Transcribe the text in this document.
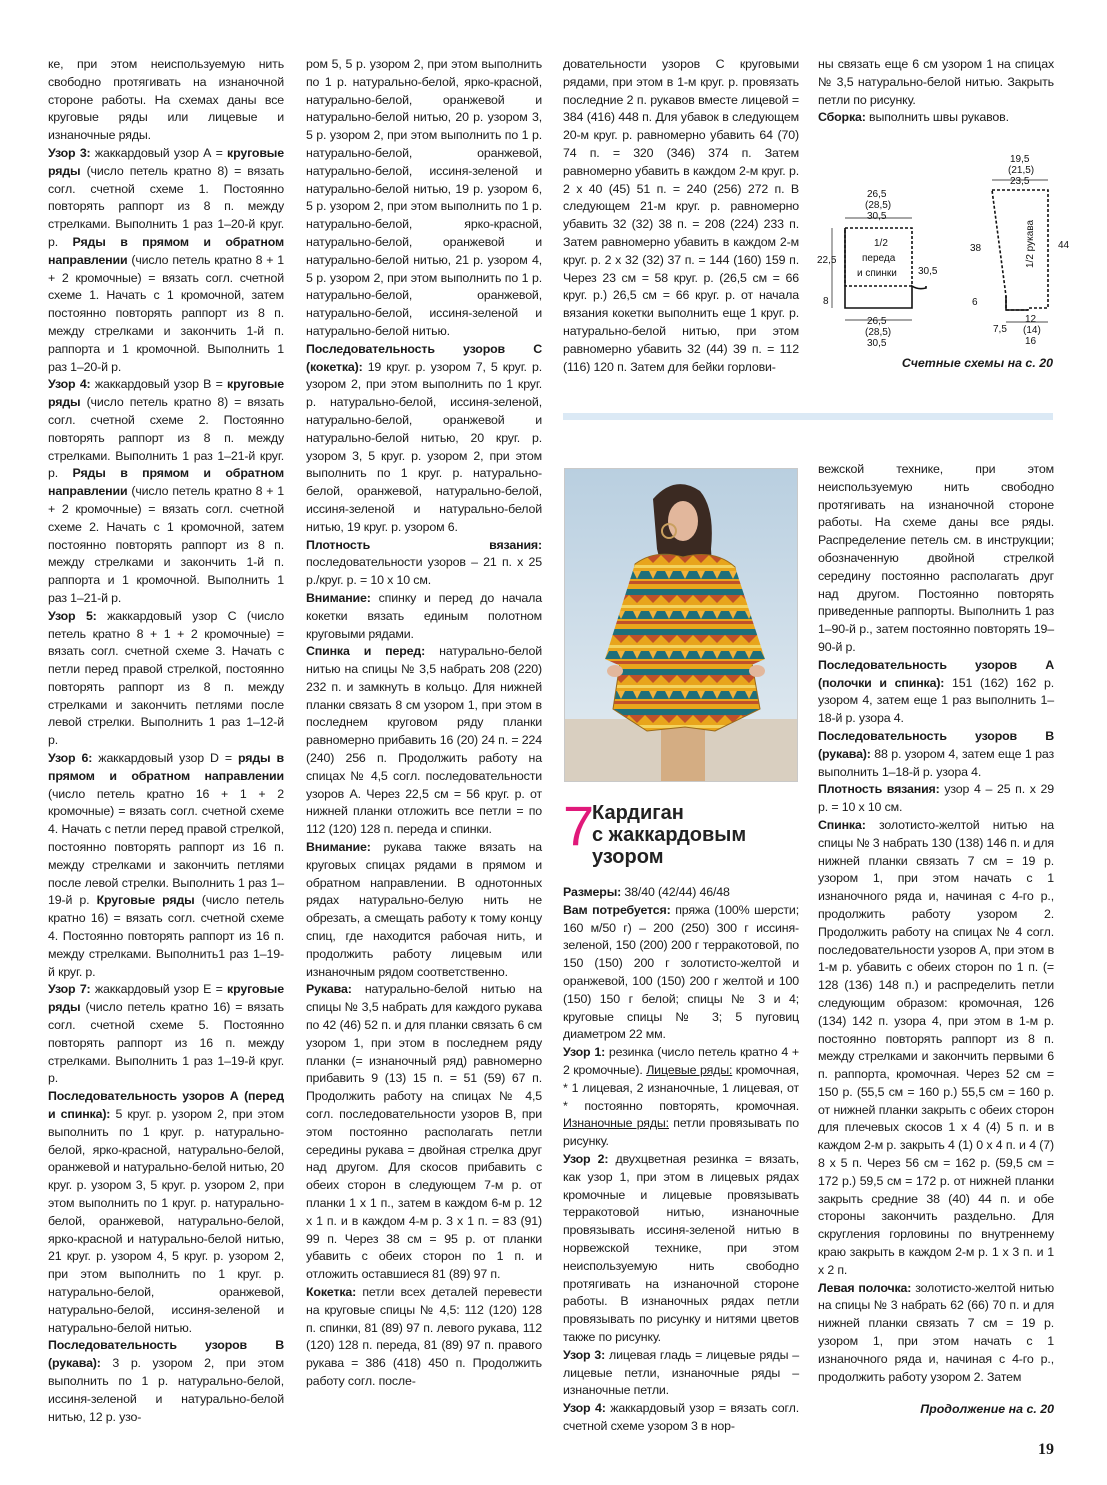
ке, при этом неиспользуемую нить свободно протягивать на изнаночной стороне работы. На схемах даны все круговые ряды или лицевые и изнаночные ряды.

Узор 3: жаккардовый узор А = круговые ряды (число петель кратно 8) = вязать согл. счетной схеме 1. Постоянно повторять раппорт из 8 п. между стрелками. Выполнить 1 раз 1–20-й круг. р. Ряды в прямом и обратном направлении (число петель кратно 8 + 1 + 2 кромочные) = вязать согл. счетной схеме 1. Начать с 1 кромочной, затем постоянно повторять раппорт из 8 п. между стрелками и закончить 1-й п. раппорта и 1 кромочной. Выполнить 1 раз 1–20-й р.

Узор 4: жаккардовый узор В = круговые ряды (число петель кратно 8) = вязать согл. счетной схеме 2. Постоянно повторять раппорт из 8 п. между стрелками. Выполнить 1 раз 1–21-й круг. р. Ряды в прямом и обратном направлении (число петель кратно 8 + 1 + 2 кромочные) = вязать согл. счетной схеме 2. Начать с 1 кромочной, затем постоянно повторять раппорт из 8 п. между стрелками и закончить 1-й п. раппорта и 1 кромочной. Выполнить 1 раз 1–21-й р.

Узор 5: жаккардовый узор С (число петель кратно 8 + 1 + 2 кромочные) = вязать согл. счетной схеме 3. Начать с петли перед правой стрелкой, постоянно повторять раппорт из 8 п. между стрелками и закончить петлями после левой стрелки. Выполнить 1 раз 1–12-й р.

Узор 6: жаккардовый узор D = ряды в прямом и обратном направлении (число петель кратно 16 + 1 + 2 кромочные) = вязать согл. счетной схеме 4. Начать с петли перед правой стрелкой, постоянно повторять раппорт из 16 п. между стрелками и закончить петлями после левой стрелки. Выполнить 1 раз 1–19-й р. Круговые ряды (число петель кратно 16) = вязать согл. счетной схеме 4. Постоянно повторять раппорт из 16 п. между стрелками. Выполнить1 раз 1–19-й круг. р.

Узор 7: жаккардовый узор Е = круговые ряды (число петель кратно 16) = вязать согл. счетной схеме 5. Постоянно повторять раппорт из 16 п. между стрелками. Выполнить 1 раз 1–19-й круг. р.

Последовательность узоров А (перед и спинка): 5 круг. р. узором 2, при этом выполнить по 1 круг. р. натурально-белой, ярко-красной, натурально-белой, оранжевой и натурально-белой нитью, 20 круг. р. узором 3, 5 круг. р. узором 2, при этом выполнить по 1 круг. р. натурально-белой, оранжевой, натурально-белой, ярко-красной и натурально-белой нитью, 21 круг. р. узором 4, 5 круг. р. узором 2, при этом выполнить по 1 круг. р. натурально-белой, оранжевой, натурально-белой, иссиня-зеленой и натурально-белой нитью.

Последовательность узоров В (рукава): 3 р. узором 2, при этом выполнить по 1 р. натурально-белой, иссиня-зеленой и натурально-белой нитью, 12 р. узо-

ром 5, 5 р. узором 2, при этом выполнить по 1 р. натурально-белой, ярко-красной, натурально-белой, оранжевой и натурально-белой нитью, 20 р. узором 3, 5 р. узором 2, при этом выполнить по 1 р. натурально-белой, оранжевой, натурально-белой, иссиня-зеленой и натурально-белой нитью, 19 р. узором 6, 5 р. узором 2, при этом выполнить по 1 р. натурально-белой, ярко-красной, натурально-белой, оранжевой и натурально-белой нитью, 21 р. узором 4, 5 р. узором 2, при этом выполнить по 1 р. натурально-белой, оранжевой, натурально-белой, иссиня-зеленой и натурально-белой нитью.

Последовательность узоров С (кокетка): 19 круг. р. узором 7, 5 круг. р. узором 2, при этом выполнить по 1 круг. р. натурально-белой, иссиня-зеленой, натурально-белой, оранжевой и натурально-белой нитью, 20 круг. р. узором 3, 5 круг. р. узором 2, при этом выполнить по 1 круг. р. натурально-белой, оранжевой, натурально-белой, иссиня-зеленой и натурально-белой нитью, 19 круг. р. узором 6.

Плотность вязания: последовательности узоров – 21 п. х 25 р./круг. р. = 10 х 10 см.

Внимание: спинку и перед до начала кокетки вязать единым полотном круговыми рядами.

Спинка и перед: натурально-белой нитью на спицы № 3,5 набрать 208 (220) 232 п. и замкнуть в кольцо. Для нижней планки связать 8 см узором 1, при этом в последнем круговом ряду планки равномерно прибавить 16 (20) 24 п. = 224 (240) 256 п. Продолжить работу на спицах № 4,5 согл. последовательности узоров А. Через 22,5 см = 56 круг. р. от нижней планки отложить все петли = по 112 (120) 128 п. переда и спинки.

Внимание: рукава также вязать на круговых спицах рядами в прямом и обратном направлении. В однотонных рядах натурально-белую нить не обрезать, а смещать работу к тому концу спиц, где находится рабочая нить, и продолжить работу лицевым или изнаночным рядом соответственно.

Рукава: натурально-белой нитью на спицы № 3,5 набрать для каждого рукава по 42 (46) 52 п. и для планки связать 6 см узором 1, при этом в последнем ряду планки (= изнаночный ряд) равномерно прибавить 9 (13) 15 п. = 51 (59) 67 п. Продолжить работу на спицах № 4,5 согл. последовательности узоров В, при этом постоянно располагать петли середины рукава = двойная стрелка друг над другом. Для скосов прибавить с обеих сторон в следующем 7-м р. от планки 1 х 1 п., затем в каждом 6-м р. 12 х 1 п. и в каждом 4-м р. 3 х 1 п. = 83 (91) 99 п. Через 38 см = 95 р. от планки убавить с обеих сторон по 1 п. и отложить оставшиеся 81 (89) 97 п.

Кокетка: петли всех деталей перевести на круговые спицы № 4,5: 112 (120) 128 п. спинки, 81 (89) 97 п. левого рукава, 112 (120) 128 п. переда, 81 (89) 97 п. правого рукава = 386 (418) 450 п. Продолжить работу согл. после-

довательности узоров С круговыми рядами, при этом в 1-м круг. р. провязать последние 2 п. рукавов вместе лицевой = 384 (416) 448 п. Для убавок в следующем 20-м круг. р. равномерно убавить 64 (70) 74 п. = 320 (346) 374 п. Затем равномерно убавить в каждом 2-м круг. р. 2 х 40 (45) 51 п. = 240 (256) 272 п. В следующем 21-м круг. р. равномерно убавить 32 (32) 38 п. = 208 (224) 233 п. Затем равномерно убавить в каждом 2-м круг. р. 2 х 32 (32) 37 п. = 144 (160) 159 п. Через 23 см = 58 круг. р. (26,5 см = 66 круг. р.) 26,5 см = 66 круг. р. от начала вязания кокетки выполнить еще 1 круг. р. натурально-белой нитью, при этом равномерно убавить 32 (44) 39 п. = 112 (116) 120 п. Затем для бейки горлови-

ны связать еще 6 см узором 1 на спицах № 3,5 натурально-белой нитью. Закрыть петли по рисунку.

Сборка: выполнить швы рукавов.

26,5
(28,5)
30,5
1/2
переда
и спинки
22,5
30,5
8
26,5
(28,5)
30,5
19,5
(21,5)
23,5
1/2 рукава
38	44
6
7,5
12
(14)
16
Счетные схемы на с. 20
7
Кардиган
с жаккардовым
узором

Размеры: 38/40 (42/44) 46/48

Вам потребуется: пряжа (100% шерсти; 160 м/50 г) – 200 (250) 300 г иссиня-зеленой, 150 (200) 200 г терракотовой, по 150 (150) 200 г золотисто-желтой и оранжевой, 100 (150) 200 г желтой и 100 (150) 150 г белой; спицы № 3 и 4; круговые спицы № 3; 5 пуговиц диаметром 22 мм.

Узор 1: резинка (число петель кратно 4 + 2 кромочные). Лицевые ряды: кромочная, * 1 лицевая, 2 изнаночные, 1 лицевая, от * постоянно повторять, кромочная. Изнаночные ряды: петли провязывать по рисунку.

Узор 2: двухцветная резинка = вязать, как узор 1, при этом в лицевых рядах кромочные и лицевые провязывать терракотовой нитью, изнаночные провязывать иссиня-зеленой нитью в норвежской технике, при этом неиспользуемую нить свободно протягивать на изнаночной стороне работы. В изнаночных рядах петли провязывать по рисунку и нитями цветов также по рисунку.

Узор 3: лицевая гладь = лицевые ряды – лицевые петли, изнаночные ряды – изнаночные петли.

Узор 4: жаккардовый узор = вязать согл. счетной схеме узором 3 в нор-

вежской технике, при этом неиспользуемую нить свободно протягивать на изнаночной стороне работы. На схеме даны все ряды. Распределение петель см. в инструкции; обозначенную двойной стрелкой середину постоянно располагать друг над другом. Постоянно повторять приведенные раппорты. Выполнить 1 раз 1–90-й р., затем постоянно повторять 19–90-й р.

Последовательность узоров А (полочки и спинка): 151 (162) 162 р. узором 4, затем еще 1 раз выполнить 1–18-й р. узора 4.

Последовательность узоров В (рукава): 88 р. узором 4, затем еще 1 раз выполнить 1–18-й р. узора 4.

Плотность вязания: узор 4 – 25 п. х 29 р. = 10 х 10 см.

Спинка: золотисто-желтой нитью на спицы № 3 набрать 130 (138) 146 п. и для нижней планки связать 7 см = 19 р. узором 1, при этом начать с 1 изнаночного ряда и, начиная с 4-го р., продолжить работу узором 2. Продолжить работу на спицах № 4 согл. последовательности узоров А, при этом в 1-м р. убавить с обеих сторон по 1 п. (= 128 (136) 148 п.) и распределить петли следующим образом: кромочная, 126 (134) 142 п. узора 4, при этом в 1-м р. постоянно повторять раппорт из 8 п. между стрелками и закончить первыми 6 п. раппорта, кромочная. Через 52 см = 150 р. (55,5 см = 160 р.) 55,5 см = 160 р. от нижней планки закрыть с обеих сторон для плечевых скосов 1 х 4 (4) 5 п. и в каждом 2-м р. закрыть 4 (1) 0 х 4 п. и 4 (7) 8 х 5 п. Через 56 см = 162 р. (59,5 см = 172 р.) 59,5 см = 172 р. от нижней планки закрыть средние 38 (40) 44 п. и обе стороны закончить раздельно. Для скругления горловины по внутреннему краю закрыть в каждом 2-м р. 1 х 3 п. и 1 х 2 п.

Левая полочка: золотисто-желтой нитью на спицы № 3 набрать 62 (66) 70 п. и для нижней планки связать 7 см = 19 р. узором 1, при этом начать с 1 изнаночного ряда и, начиная с 4-го р., продолжить работу узором 2. Затем

Продолжение на с. 20
19
